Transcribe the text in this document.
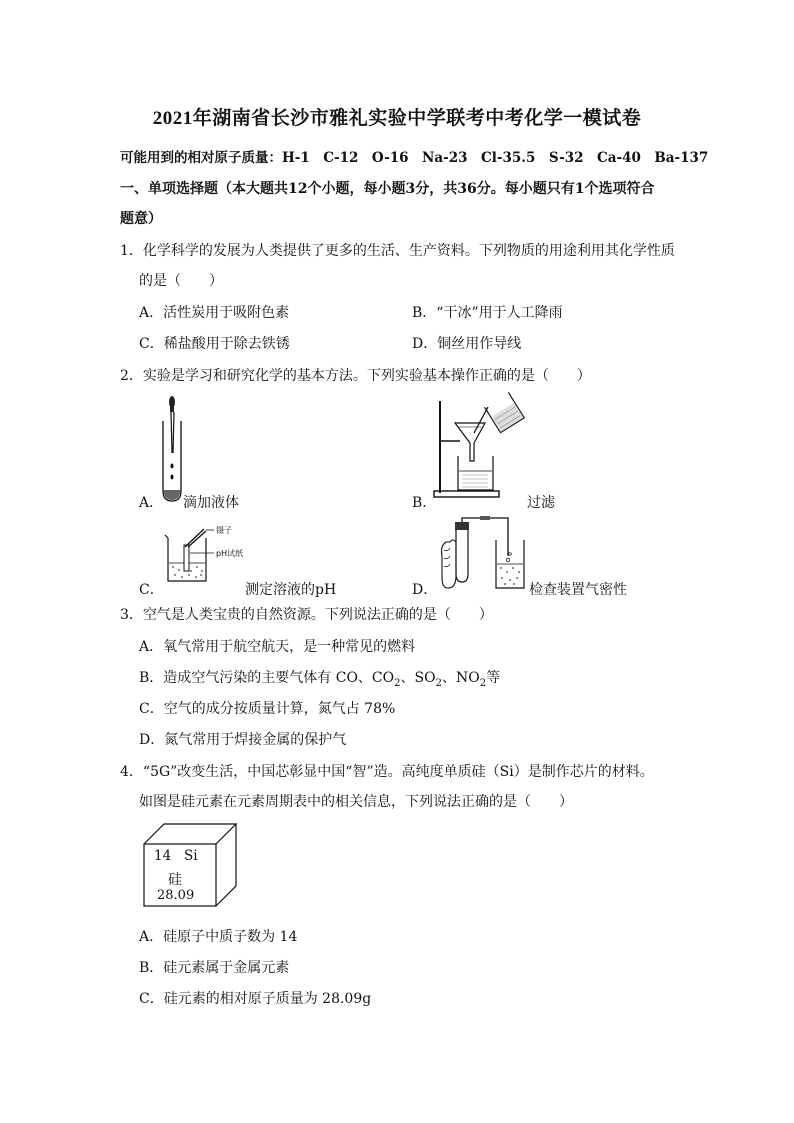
2021年湖南省长沙市雅礼实验中学联考中考化学一模试卷
可能用到的相对原子质量：H-1　C-12　O-16　Na-23　Cl-35.5　S-32　Ca-40　Ba-137
一、单项选择题（本大题共12个小题，每小题3分，共36分。每小题只有1个选项符合
题意）
1．化学科学的发展为人类提供了更多的生活、生产资料。下列物质的用途利用其化学性质
的是（　　）
A．活性炭用于吸附色素	B．“干冰”用于人工降雨
C．稀盐酸用于除去铁锈	D．铜丝用作导线
2．实验是学习和研究化学的基本方法。下列实验基本操作正确的是（　　）
A． 滴加液体	B．	过滤
镊子
pH试纸
C．	测定溶液的pH	D．	检查装置气密性
3．空气是人类宝贵的自然资源。下列说法正确的是（　　）
A．氧气常用于航空航天，是一种常见的燃料
B．造成空气污染的主要气体有 CO、$CO_2$、$SO_2$、$NO_2$等
C．空气的成分按质量计算，氮气占 78%
D．氮气常用于焊接金属的保护气
4．“5G”改变生活，中国芯彰显中国“智”造。高纯度单质硅（Si）是制作芯片的材料。
如图是硅元素在元素周期表中的相关信息，下列说法正确的是（　　）
14 Si
硅
28.09
A．硅原子中质子数为 14
B．硅元素属于金属元素
C．硅元素的相对原子质量为 28.09g
